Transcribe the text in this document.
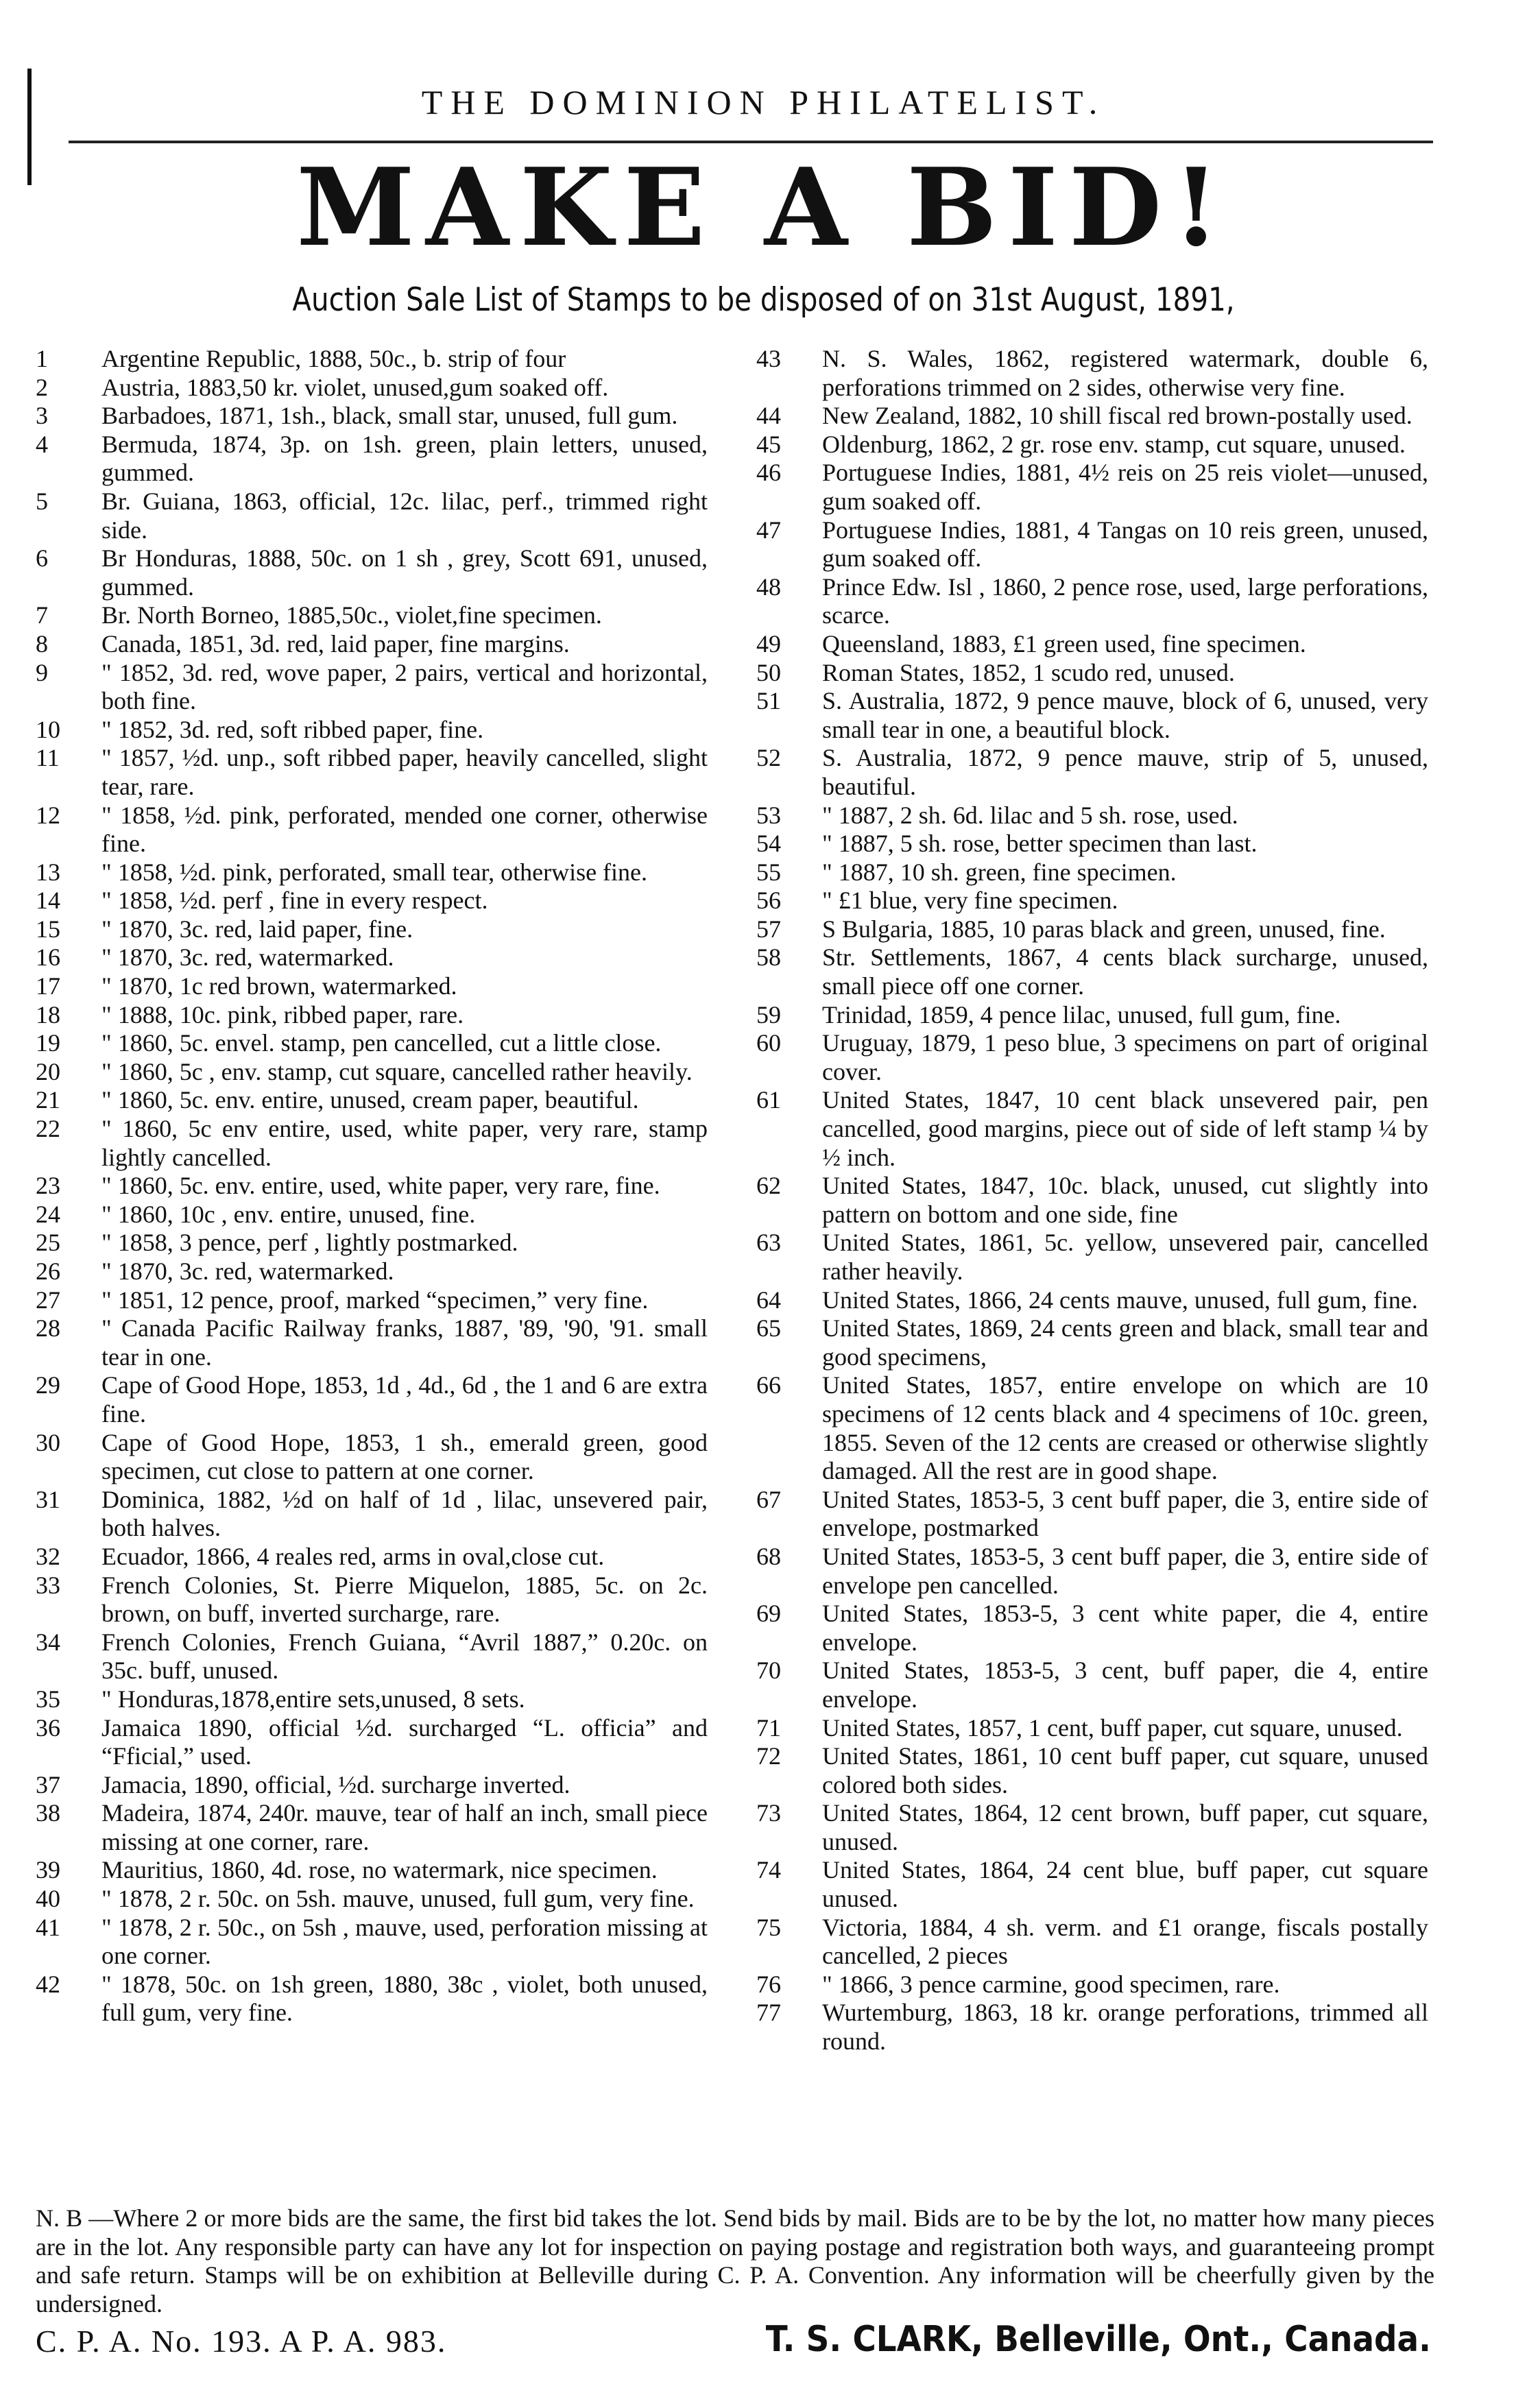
THE DOMINION PHILATELIST.
MAKE A BID!
Auction Sale List of Stamps to be disposed of on 31st August, 1891,
1	Argentine Republic, 1888, 50c., b. strip of four
2	Austria, 1883,50 kr. violet, unused,gum soaked off.
3	Barbadoes, 1871, 1sh., black, small star, unused, full gum.
4	Bermuda, 1874, 3p. on 1sh. green, plain letters, unused, gummed.
5	Br. Guiana, 1863, official, 12c. lilac, perf., trimmed right side.
6	Br Honduras, 1888, 50c. on 1 sh , grey, Scott 691, unused, gummed.
7	Br. North Borneo, 1885,50c., violet,fine specimen.
8	Canada, 1851, 3d. red, laid paper, fine margins.
9	" 1852, 3d. red, wove paper, 2 pairs, vertical and horizontal, both fine.
10	" 1852, 3d. red, soft ribbed paper, fine.
11	" 1857, ½d. unp., soft ribbed paper, heavily cancelled, slight tear, rare.
12	" 1858, ½d. pink, perforated, mended one corner, otherwise fine.
13	" 1858, ½d. pink, perforated, small tear, otherwise fine.
14	" 1858, ½d. perf , fine in every respect.
15	" 1870, 3c. red, laid paper, fine.
16	" 1870, 3c. red, watermarked.
17	" 1870, 1c red brown, watermarked.
18	" 1888, 10c. pink, ribbed paper, rare.
19	" 1860, 5c. envel. stamp, pen cancelled, cut a little close.
20	" 1860, 5c , env. stamp, cut square, cancelled rather heavily.
21	" 1860, 5c. env. entire, unused, cream paper, beautiful.
22	" 1860, 5c env entire, used, white paper, very rare, stamp lightly cancelled.
23	" 1860, 5c. env. entire, used, white paper, very rare, fine.
24	" 1860, 10c , env. entire, unused, fine.
25	" 1858, 3 pence, perf , lightly postmarked.
26	" 1870, 3c. red, watermarked.
27	" 1851, 12 pence, proof, marked “specimen,” very fine.
28	" Canada Pacific Railway franks, 1887, '89, '90, '91. small tear in one.
29	Cape of Good Hope, 1853, 1d , 4d., 6d , the 1 and 6 are extra fine.
30	Cape of Good Hope, 1853, 1 sh., emerald green, good specimen, cut close to pattern at one corner.
31	Dominica, 1882, ½d on half of 1d , lilac, unsevered pair, both halves.
32	Ecuador, 1866, 4 reales red, arms in oval,close cut.
33	French Colonies, St. Pierre Miquelon, 1885, 5c. on 2c. brown, on buff, inverted surcharge, rare.
34	French Colonies, French Guiana, “Avril 1887,” 0.20c. on 35c. buff, unused.
35	" Honduras,1878,entire sets,unused, 8 sets.
36	Jamaica 1890, official ½d. surcharged “L. officia” and “Fficial,” used.
37	Jamacia, 1890, official, ½d. surcharge inverted.
38	Madeira, 1874, 240r. mauve, tear of half an inch, small piece missing at one corner, rare.
39	Mauritius, 1860, 4d. rose, no watermark, nice specimen.
40	" 1878, 2 r. 50c. on 5sh. mauve, unused, full gum, very fine.
41	" 1878, 2 r. 50c., on 5sh , mauve, used, perforation missing at one corner.
42	" 1878, 50c. on 1sh green, 1880, 38c , violet, both unused, full gum, very fine.
43	N. S. Wales, 1862, registered watermark, double 6, perforations trimmed on 2 sides, otherwise very fine.
44	New Zealand, 1882, 10 shill fiscal red brown-postally used.
45	Oldenburg, 1862, 2 gr. rose env. stamp, cut square, unused.
46	Portuguese Indies, 1881, 4½ reis on 25 reis violet—unused, gum soaked off.
47	Portuguese Indies, 1881, 4 Tangas on 10 reis green, unused, gum soaked off.
48	Prince Edw. Isl , 1860, 2 pence rose, used, large perforations, scarce.
49	Queensland, 1883, £1 green used, fine specimen.
50	Roman States, 1852, 1 scudo red, unused.
51	S. Australia, 1872, 9 pence mauve, block of 6, unused, very small tear in one, a beautiful block.
52	S. Australia, 1872, 9 pence mauve, strip of 5, unused, beautiful.
53	" 1887, 2 sh. 6d. lilac and 5 sh. rose, used.
54	" 1887, 5 sh. rose, better specimen than last.
55	" 1887, 10 sh. green, fine specimen.
56	" £1 blue, very fine specimen.
57	S Bulgaria, 1885, 10 paras black and green, unused, fine.
58	Str. Settlements, 1867, 4 cents black surcharge, unused, small piece off one corner.
59	Trinidad, 1859, 4 pence lilac, unused, full gum, fine.
60	Uruguay, 1879, 1 peso blue, 3 specimens on part of original cover.
61	United States, 1847, 10 cent black unsevered pair, pen cancelled, good margins, piece out of side of left stamp ¼ by ½ inch.
62	United States, 1847, 10c. black, unused, cut slightly into pattern on bottom and one side, fine
63	United States, 1861, 5c. yellow, unsevered pair, cancelled rather heavily.
64	United States, 1866, 24 cents mauve, unused, full gum, fine.
65	United States, 1869, 24 cents green and black, small tear and good specimens,
66	United States, 1857, entire envelope on which are 10 specimens of 12 cents black and 4 specimens of 10c. green, 1855. Seven of the 12 cents are creased or otherwise slightly damaged. All the rest are in good shape.
67	United States, 1853-5, 3 cent buff paper, die 3, entire side of envelope, postmarked
68	United States, 1853-5, 3 cent buff paper, die 3, entire side of envelope pen cancelled.
69	United States, 1853-5, 3 cent white paper, die 4, entire envelope.
70	United States, 1853-5, 3 cent, buff paper, die 4, entire envelope.
71	United States, 1857, 1 cent, buff paper, cut square, unused.
72	United States, 1861, 10 cent buff paper, cut square, unused colored both sides.
73	United States, 1864, 12 cent brown, buff paper, cut square, unused.
74	United States, 1864, 24 cent blue, buff paper, cut square unused.
75	Victoria, 1884, 4 sh. verm. and £1 orange, fiscals postally cancelled, 2 pieces
76	" 1866, 3 pence carmine, good specimen, rare.
77	Wurtemburg, 1863, 18 kr. orange perforations, trimmed all round.
N. B —Where 2 or more bids are the same, the first bid takes the lot. Send bids by mail. Bids are to be by the lot, no matter how many pieces are in the lot. Any responsible party can have any lot for inspection on paying postage and registration both ways, and guaranteeing prompt and safe return. Stamps will be on exhibition at Belleville during C. P. A. Convention. Any information will be cheerfully given by the undersigned.
C. P. A. No. 193. A P. A. 983.	T. S. CLARK, Belleville, Ont., Canada.
